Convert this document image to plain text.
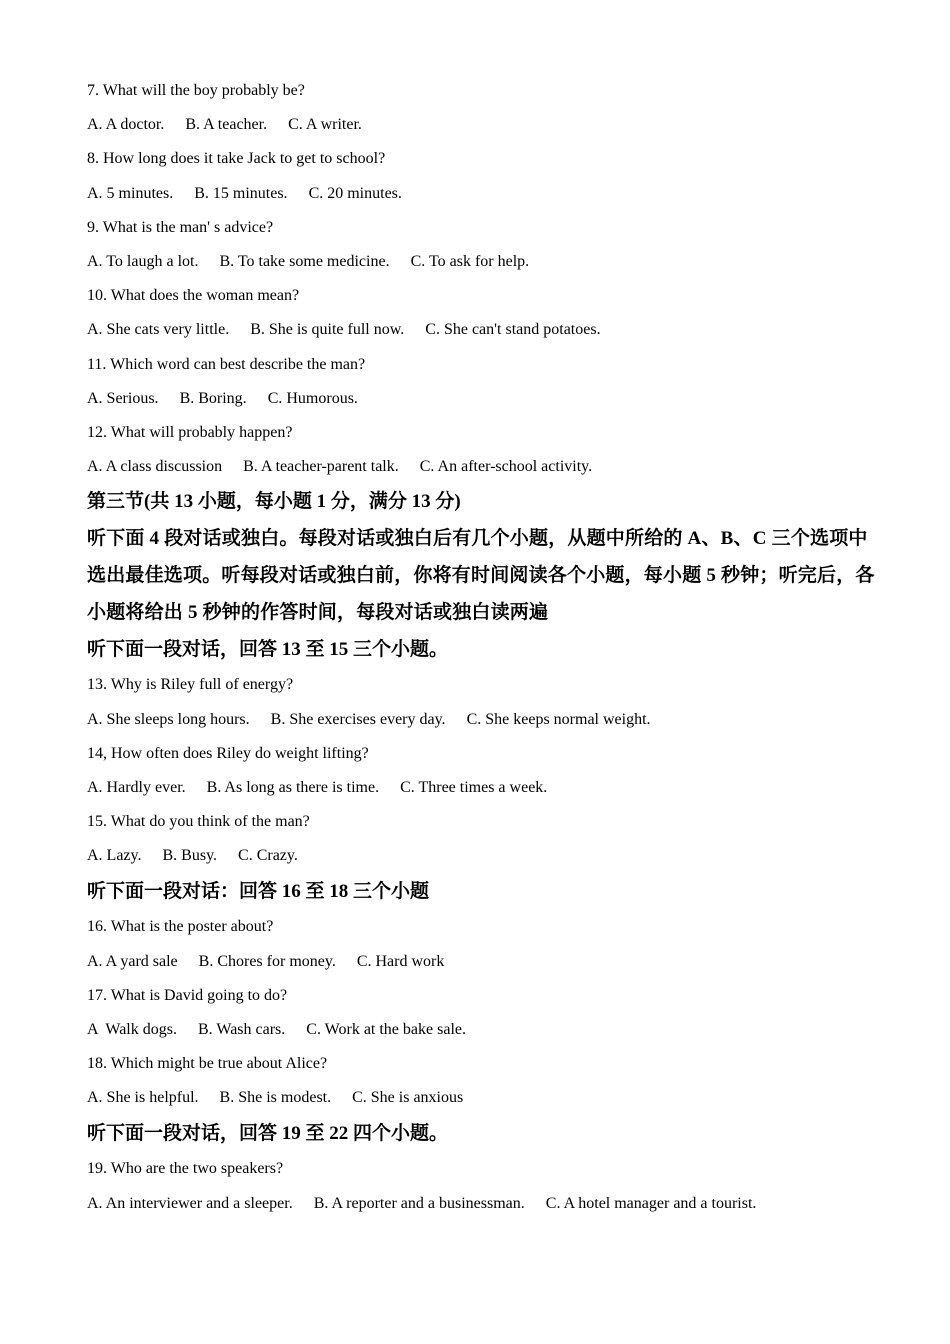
7. What will the boy probably be?
A. A doctor. B. A teacher. C. A writer.
8. How long does it take Jack to get to school?
A. 5 minutes. B. 15 minutes. C. 20 minutes.
9. What is the man' s advice?
A. To laugh a lot. B. To take some medicine. C. To ask for help.
10. What does the woman mean?
A. She cats very little. B. She is quite full now. C. She can't stand potatoes.
11. Which word can best describe the man?
A. Serious. B. Boring. C. Humorous.
12. What will probably happen?
A. A class discussion B. A teacher-parent talk. C. An after-school activity.
第三节(共 13 小题，每小题 1 分，满分 13 分)
听下面 4 段对话或独白。每段对话或独白后有几个小题，从题中所给的 A、B、C 三个选项中选出最佳选项。听每段对话或独白前，你将有时间阅读各个小题，每小题 5 秒钟；听完后，各小题将给出 5 秒钟的作答时间，每段对话或独白读两遍
听下面一段对话，回答 13 至 15 三个小题。
13. Why is Riley full of energy?
A. She sleeps long hours. B. She exercises every day. C. She keeps normal weight.
14, How often does Riley do weight lifting?
A. Hardly ever. B. As long as there is time. C. Three times a week.
15. What do you think of the man?
A. Lazy. B. Busy. C. Crazy.
听下面一段对话：回答 16 至 18 三个小题
16. What is the poster about?
A. A yard sale B. Chores for money. C. Hard work
17. What is David going to do?
A  Walk dogs. B. Wash cars. C. Work at the bake sale.
18. Which might be true about Alice?
A. She is helpful. B. She is modest. C. She is anxious
听下面一段对话，回答 19 至 22 四个小题。
19. Who are the two speakers?
A. An interviewer and a sleeper. B. A reporter and a businessman. C. A hotel manager and a tourist.
